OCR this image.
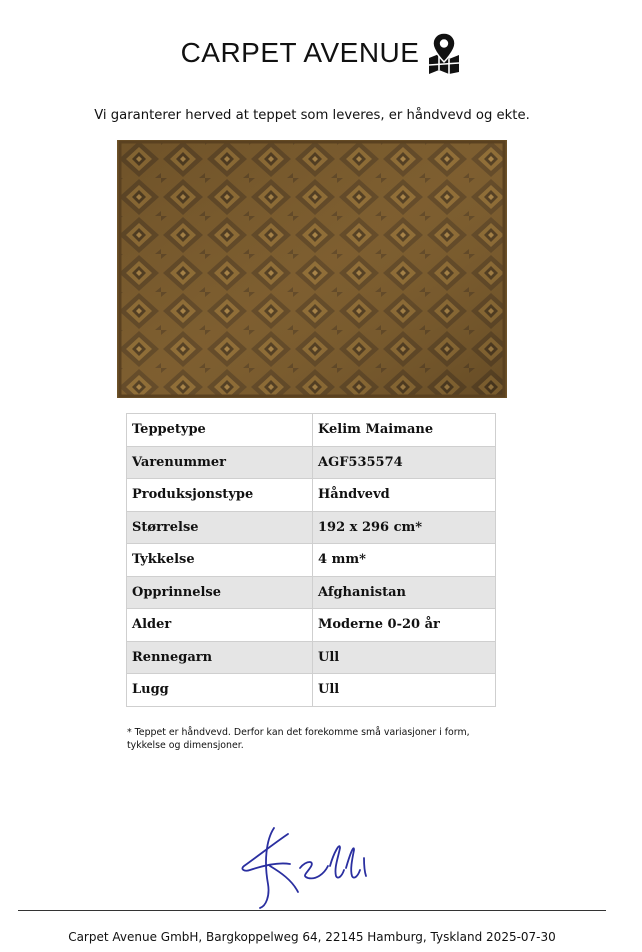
CARPET AVENUE
Vi garanterer herved at teppet som leveres, er håndvevd og ekte.
Teppetype	Kelim Maimane
Varenummer	AGF535574
Produksjonstype	Håndvevd
Størrelse	192 x 296 cm*
Tykkelse	4 mm*
Opprinnelse	Afghanistan
Alder	Moderne 0-20 år
Rennegarn	Ull
Lugg	Ull
* Teppet er håndvevd. Derfor kan det forekomme små variasjoner i form, tykkelse og dimensjoner.
Carpet Avenue GmbH, Bargkoppelweg 64, 22145 Hamburg, Tyskland 2025-07-30
